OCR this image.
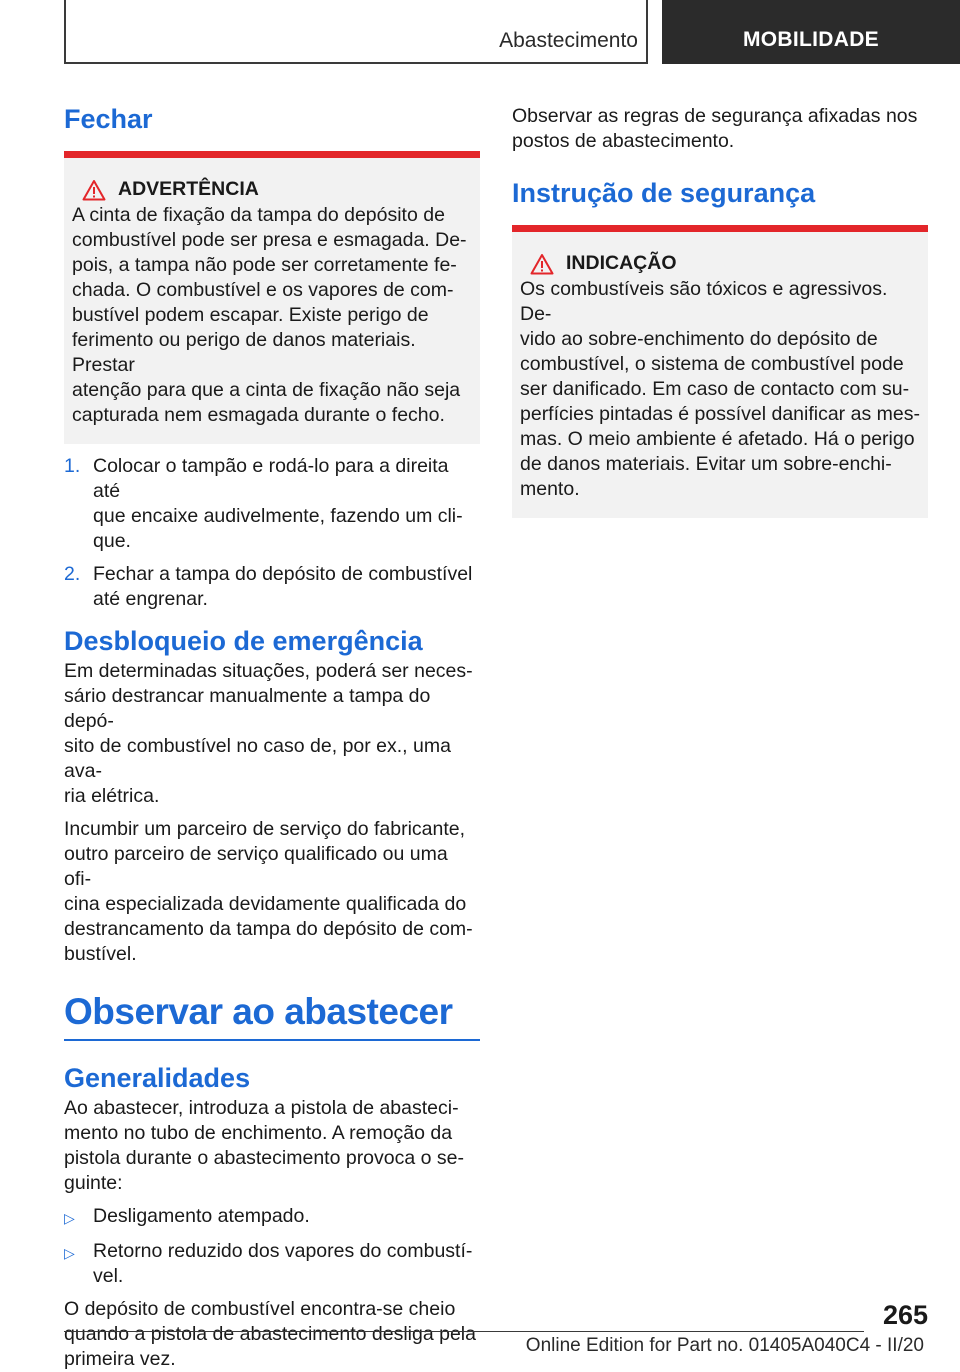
Abastecimento	MOBILIDADE
Fechar
ADVERTÊNCIA

A cinta de fixação da tampa do depósito de
combustível pode ser presa e esmagada. De-
pois, a tampa não pode ser corretamente fe-
chada. O combustível e os vapores de com-
bustível podem escapar. Existe perigo de
ferimento ou perigo de danos materiais. Prestar
atenção para que a cinta de fixação não seja
capturada nem esmagada durante o fecho.

1. Colocar o tampão e rodá-lo para a direita até
que encaixe audivelmente, fazendo um cli-
que.
2. Fechar a tampa do depósito de combustível
até engrenar.
Desbloqueio de emergência

Em determinadas situações, poderá ser neces-
sário destrancar manualmente a tampa do depó-
sito de combustível no caso de, por ex., uma ava-
ria elétrica.

Incumbir um parceiro de serviço do fabricante,
outro parceiro de serviço qualificado ou uma ofi-
cina especializada devidamente qualificada do
destrancamento da tampa do depósito de com-
bustível.

Observar ao abastecer
Generalidades

Ao abastecer, introduza a pistola de abasteci-
mento no tubo de enchimento. A remoção da
pistola durante o abastecimento provoca o se-
guinte:

▷ Desligamento atempado.
▷ Retorno reduzido dos vapores do combustí-
vel.

O depósito de combustível encontra-se cheio
quando a pistola de abastecimento desliga pela
primeira vez.

Observar as regras de segurança afixadas nos
postos de abastecimento.

Instrução de segurança
INDICAÇÃO

Os combustíveis são tóxicos e agressivos. De-
vido ao sobre-enchimento do depósito de
combustível, o sistema de combustível pode
ser danificado. Em caso de contacto com su-
perfícies pintadas é possível danificar as mes-
mas. O meio ambiente é afetado. Há o perigo
de danos materiais. Evitar um sobre-enchi-
mento.

265
Online Edition for Part no. 01405A040C4 - II/20
